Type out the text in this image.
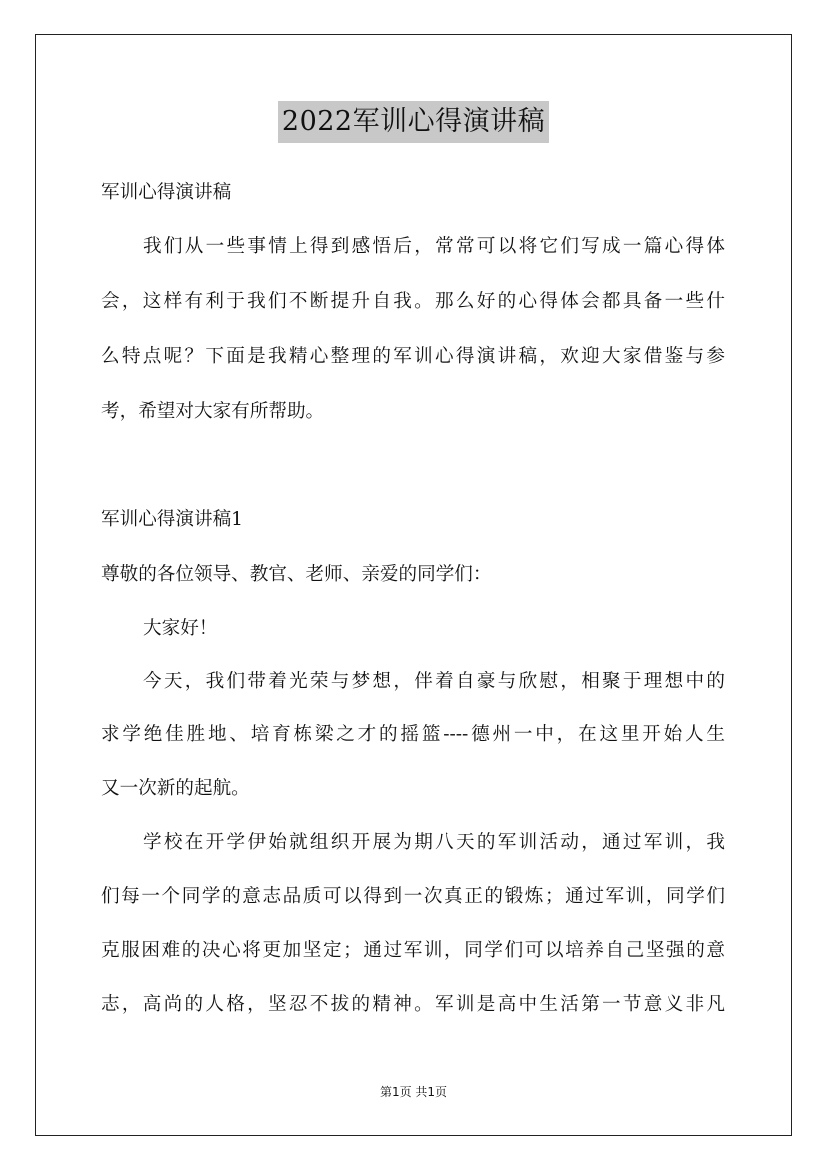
2022军训心得演讲稿
军训心得演讲稿
我们从一些事情上得到感悟后，常常可以将它们写成一篇心得体
会，这样有利于我们不断提升自我。那么好的心得体会都具备一些什
么特点呢？下面是我精心整理的军训心得演讲稿，欢迎大家借鉴与参
考，希望对大家有所帮助。
军训心得演讲稿1
尊敬的各位领导、教官、老师、亲爱的同学们：
大家好！
今天，我们带着光荣与梦想，伴着自豪与欣慰，相聚于理想中的
求学绝佳胜地、培育栋梁之才的摇篮----德州一中，在这里开始人生
又一次新的起航。
学校在开学伊始就组织开展为期八天的军训活动，通过军训，我
们每一个同学的意志品质可以得到一次真正的锻炼；通过军训，同学们
克服困难的决心将更加坚定；通过军训，同学们可以培养自己坚强的意
志，高尚的人格，坚忍不拔的精神。军训是高中生活第一节意义非凡
第1页 共1页
